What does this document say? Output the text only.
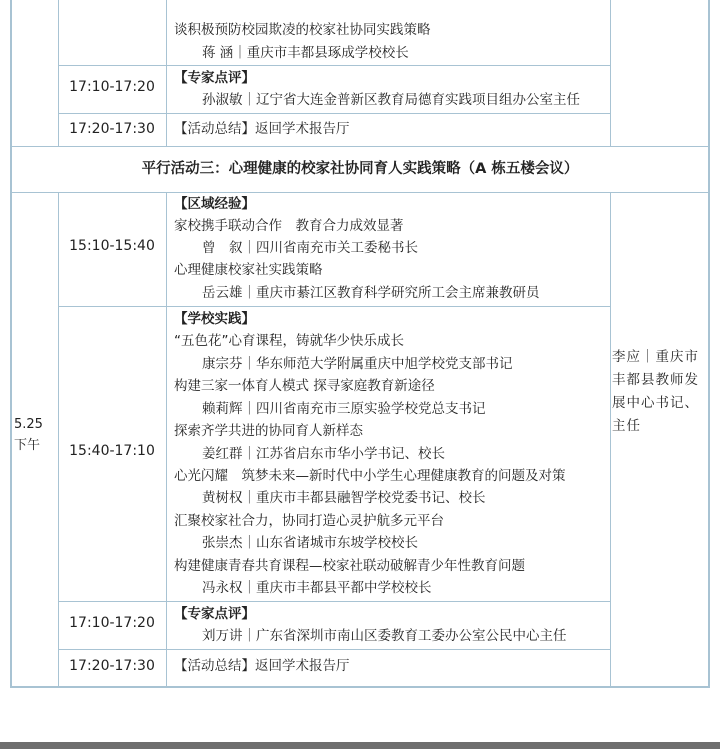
谈积极预防校园欺凌的校家社协同实践策略
蒋 涵｜重庆市丰都县琢成学校校长
17:10-17:20
【专家点评】
孙淑敏｜辽宁省大连金普新区教育局德育实践项目组办公室主任
17:20-17:30	【活动总结】返回学术报告厅
平行活动三：心理健康的校家社协同育人实践策略（A 栋五楼会议）
5.25
下午
李应｜重庆市丰都县教师发展中心书记、主任
15:10-15:40
【区域经验】
家校携手联动合作　教育合力成效显著
曾　叙｜四川省南充市关工委秘书长
心理健康校家社实践策略
岳云雄｜重庆市綦江区教育科学研究所工会主席兼教研员
15:40-17:10
【学校实践】
“五色花”心育课程，铸就华少快乐成长
康宗芬｜华东师范大学附属重庆中旭学校党支部书记
构建三家一体育人模式 探寻家庭教育新途径
赖莉辉｜四川省南充市三原实验学校党总支书记
探索齐学共进的协同育人新样态
姜红群｜江苏省启东市华小学书记、校长
心光闪耀　筑梦未来—新时代中小学生心理健康教育的问题及对策
黄树权｜重庆市丰都县融智学校党委书记、校长
汇聚校家社合力，协同打造心灵护航多元平台
张崇杰｜山东省诸城市东坡学校校长
构建健康青春共育课程—校家社联动破解青少年性教育问题
冯永权｜重庆市丰都县平都中学校校长
17:10-17:20
【专家点评】
刘万讲｜广东省深圳市南山区委教育工委办公室公民中心主任
17:20-17:30	【活动总结】返回学术报告厅
